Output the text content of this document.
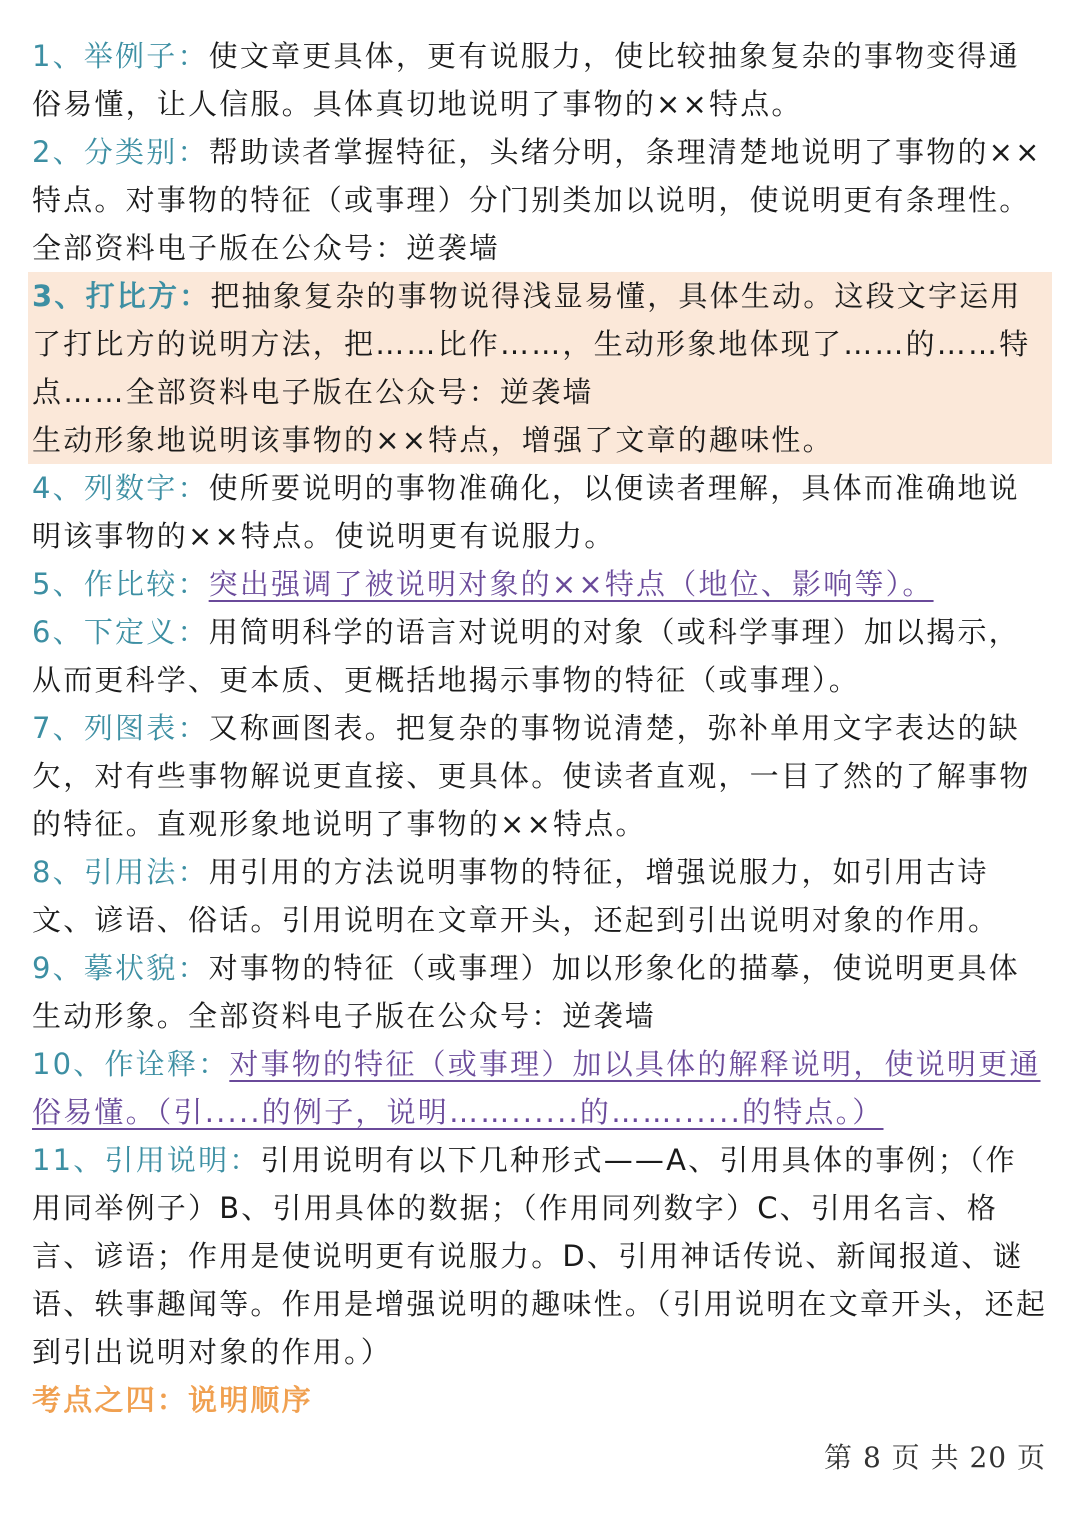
1、举例子：使文章更具体，更有说服力，使比较抽象复杂的事物变得通俗易懂，让人信服。具体真切地说明了事物的××特点。

2、分类别：帮助读者掌握特征，头绪分明，条理清楚地说明了事物的××特点。对事物的特征（或事理）分门别类加以说明，使说明更有条理性。全部资料电子版在公众号：逆袭墙

3、打比方：把抽象复杂的事物说得浅显易懂，具体生动。这段文字运用了打比方的说明方法，把……比作……，生动形象地体现了……的……特点……全部资料电子版在公众号：逆袭墙
生动形象地说明该事物的××特点，增强了文章的趣味性。

4、列数字：使所要说明的事物准确化，以便读者理解，具体而准确地说明该事物的××特点。使说明更有说服力。

5、作比较：突出强调了被说明对象的××特点（地位、影响等）。

6、下定义：用简明科学的语言对说明的对象（或科学事理）加以揭示，从而更科学、更本质、更概括地揭示事物的特征（或事理）。

7、列图表：又称画图表。把复杂的事物说清楚，弥补单用文字表达的缺欠，对有些事物解说更直接、更具体。使读者直观，一目了然的了解事物的特征。直观形象地说明了事物的××特点。

8、引用法：用引用的方法说明事物的特征，增强说服力，如引用古诗文、谚语、俗话。引用说明在文章开头，还起到引出说明对象的作用。

9、摹状貌：对事物的特征（或事理）加以形象化的描摹，使说明更具体生动形象。全部资料电子版在公众号：逆袭墙

10、作诠释：对事物的特征（或事理）加以具体的解释说明，使说明更通俗易懂。（引.....的例子，说明……......的……......的特点。）

11、引用说明：引用说明有以下几种形式——A、引用具体的事例；（作用同举例子）B、引用具体的数据；（作用同列数字）C、引用名言、格言、谚语；作用是使说明更有说服力。D、引用神话传说、新闻报道、谜语、轶事趣闻等。作用是增强说明的趣味性。（引用说明在文章开头，还起到引出说明对象的作用。）

考点之四：说明顺序

第 8 页 共 20 页
